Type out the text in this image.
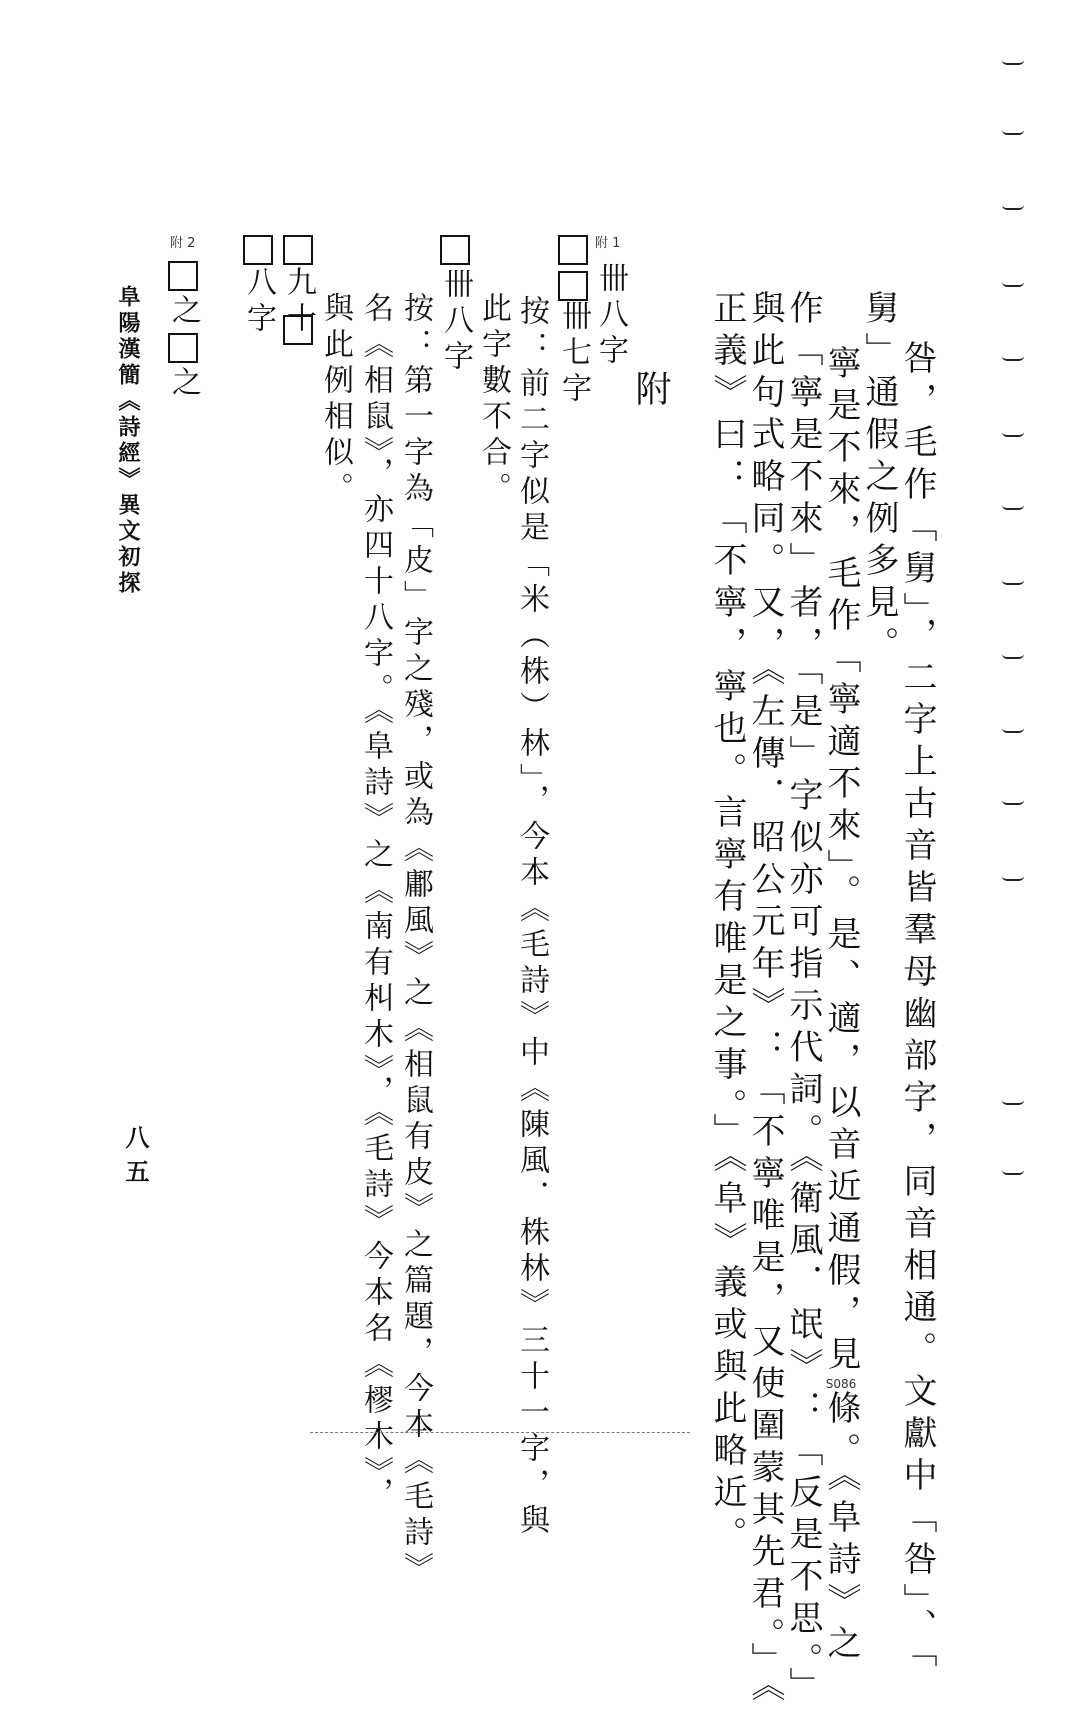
咎，毛作「舅」，二字上古音皆羣母幽部字，同音相通。文獻中「咎」、「
舅」通假之例多見。
寧是不來，毛作「寧適不來」。是、適，以音近通假，見S086條。《阜詩》之
作「寧是不來」者，「是」字似亦可指示代詞。《衛風．氓》：「反是不思。」
與此句式略同。又，《左傳．昭公元年》：「不寧唯是，又使圍蒙其先君。」《
正義》曰：「不寧，寧也。言寧有唯是之事。」《阜》義或與此略近。
附
附 1
卌八字
卌七字
按：前二字似是「米（株）林」，今本《毛詩》中《陳風．株林》三十一字，與
此字數不合。
卌八字
按：第一字為「皮」字之殘，或為《鄘風》之《相鼠有皮》之篇題，今本《毛詩》
名《相鼠》，亦四十八字。《阜詩》之《南有朻木》，《毛詩》今本名《樛木》，
與此例相似。
九十
八字
附 2
之之
阜陽漢簡《詩經》異文初探
八五
